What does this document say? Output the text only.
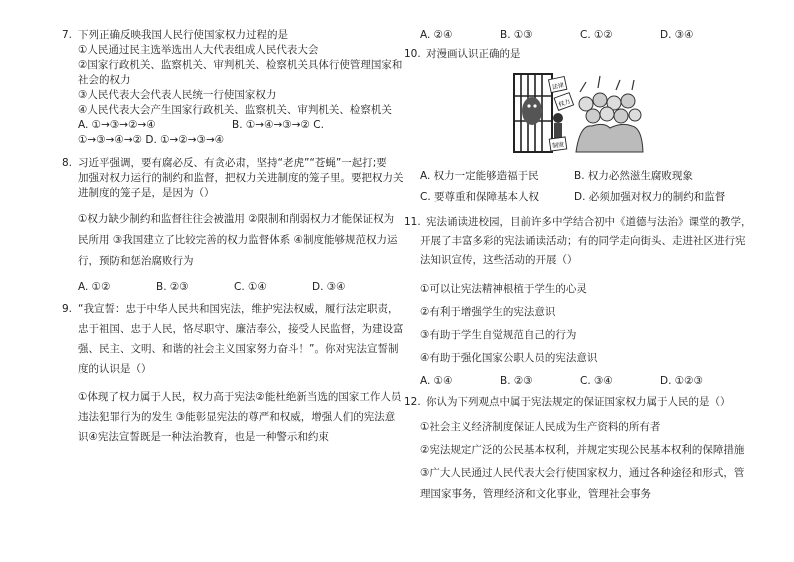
7. 下列正确反映我国人民行使国家权力过程的是
①人民通过民主选举选出人大代表组成人民代表大会
②国家行政机关、监察机关、审判机关、检察机关具体行使管理国家和
社会的权力
③人民代表大会代表人民统一行使国家权力
④人民代表大会产生国家行政机关、监察机关、审判机关、检察机关
A. ①→③→②→④	B. ①→④→③→② C.
①→③→④→② D. ①→②→③→④
8. 习近平强调，要有腐必反、有贪必肃，坚持“老虎”“苍蝇”一起打;要
加强对权力运行的制约和监督，把权力关进制度的笼子里。要把权力关
进制度的笼子是，是因为（）
①权力缺少制约和监督往往会被滥用 ②限制和削弱权力才能保证权为
民所用 ③我国建立了比较完善的权力监督体系 ④制度能够规范权力运
行，预防和惩治腐败行为
A. ①②	B. ②③	C. ①④	D. ③④
9. “我宣誓：忠于中华人民共和国宪法，维护宪法权威，履行法定职责，
忠于祖国、忠于人民，恪尽职守、廉洁奉公，接受人民监督，为建设富
强、民主、文明、和谐的社会主义国家努力奋斗！”。你对宪法宣誓制
度的认识是（）
①体现了权力属于人民，权力高于宪法②能杜绝新当选的国家工作人员
违法犯罪行为的发生 ③能彰显宪法的尊严和权威，增强人们的宪法意
识④宪法宣誓既是一种法治教育，也是一种警示和约束
A. ②④	B. ①③	C. ①②	D. ③④
10. 对漫画认识正确的是
法律
权力
制度
A. 权力一定能够造福于民	B. 权力必然滋生腐败现象
C. 要尊重和保障基本人权	D. 必须加强对权力的制约和监督
11. 宪法诵读进校园，目前许多中学结合初中《道德与法治》课堂的教学，
开展了丰富多彩的宪法诵读活动；有的同学走向街头、走进社区进行宪
法知识宣传，这些活动的开展（）
①可以让宪法精神根植于学生的心灵
②有利于增强学生的宪法意识
③有助于学生自觉规范自己的行为
④有助于强化国家公职人员的宪法意识
A. ①④	B. ②③	C. ③④	D. ①②③
12. 你认为下列观点中属于宪法规定的保证国家权力属于人民的是（）
①社会主义经济制度保证人民成为生产资料的所有者
②宪法规定广泛的公民基本权利，并规定实现公民基本权利的保障措施
③广大人民通过人民代表大会行使国家权力，通过各种途径和形式，管
理国家事务，管理经济和文化事业，管理社会事务
